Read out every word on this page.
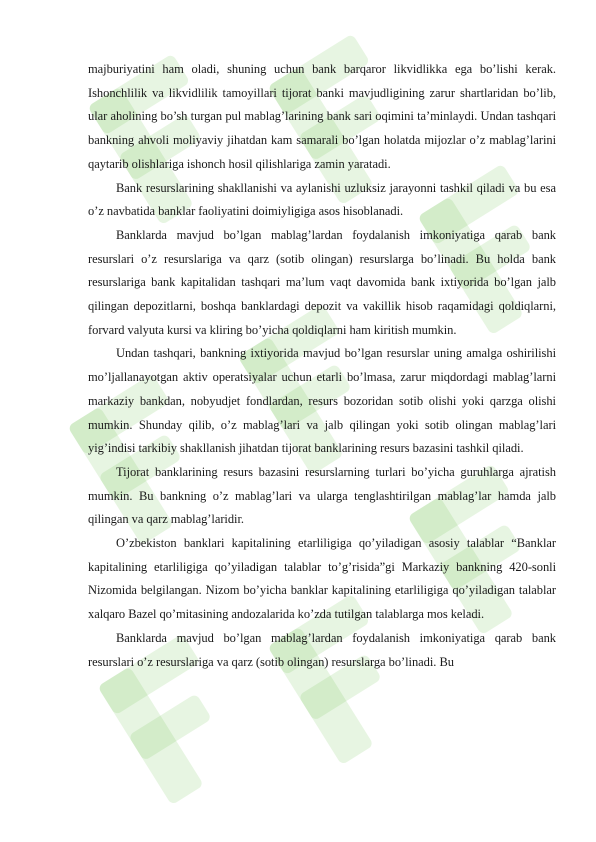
majburiyatini ham oladi, shuning uchun bank barqaror likvidlikka ega bo’lishi kerak. Ishonchlilik va likvidlilik tamoyillari tijorat banki mavjudligining zarur shartlaridan bo’lib, ular aholining bo’sh turgan pul mablag’larining bank sari oqimini ta’minlaydi. Undan tashqari bankning ahvoli moliyaviy jihatdan kam samarali bo’lgan holatda mijozlar o’z mablag’larini qaytarib olishlariga ishonch hosil qilishlariga zamin yaratadi.

Bank resurslarining shakllanishi va aylanishi uzluksiz jarayonni tashkil qiladi va bu esa o’z navbatida banklar faoliyatini doimiyligiga asos hisoblanadi.

Banklarda mavjud bo’lgan mablag’lardan foydalanish imkoniyatiga qarab bank resurslari o’z resurslariga va qarz (sotib olingan) resurslarga bo’linadi. Bu holda bank resurslariga bank kapitalidan tashqari ma’lum vaqt davomida bank ixtiyorida bo’lgan jalb qilingan depozitlarni, boshqa banklardagi depozit va vakillik hisob raqamidagi qoldiqlarni, forvard valyuta kursi va kliring bo’yicha qoldiqlarni ham kiritish mumkin.

Undan tashqari, bankning ixtiyorida mavjud bo’lgan resurslar uning amalga oshirilishi mo’ljallanayotgan aktiv operatsiyalar uchun etarli bo’lmasa, zarur miqdordagi mablag’larni markaziy bankdan, nobyudjet fondlardan, resurs bozoridan sotib olishi yoki qarzga olishi mumkin. Shunday qilib, o’z mablag’lari va jalb qilingan yoki sotib olingan mablag’lari yig’indisi tarkibiy shakllanish jihatdan tijorat banklarining resurs bazasini tashkil qiladi.

Tijorat banklarining resurs bazasini resurslarning turlari bo’yicha guruhlarga ajratish mumkin. Bu bankning o’z mablag’lari va ularga tenglashtirilgan mablag’lar hamda jalb qilingan va qarz mablag’laridir.

O’zbekiston banklari kapitalining etarliligiga qo’yiladigan asosiy talablar “Banklar kapitalining etarliligiga qo’yiladigan talablar to’g’risida”gi Markaziy bankning 420-sonli Nizomida belgilangan. Nizom bo’yicha banklar kapitalining etarliligiga qo’yiladigan talablar xalqaro Bazel qo’mitasining andozalarida ko’zda tutilgan talablarga mos keladi.

Banklarda mavjud bo’lgan mablag’lardan foydalanish imkoniyatiga qarab bank resurslari o’z resurslariga va qarz (sotib olingan) resurslarga bo’linadi. Bu
